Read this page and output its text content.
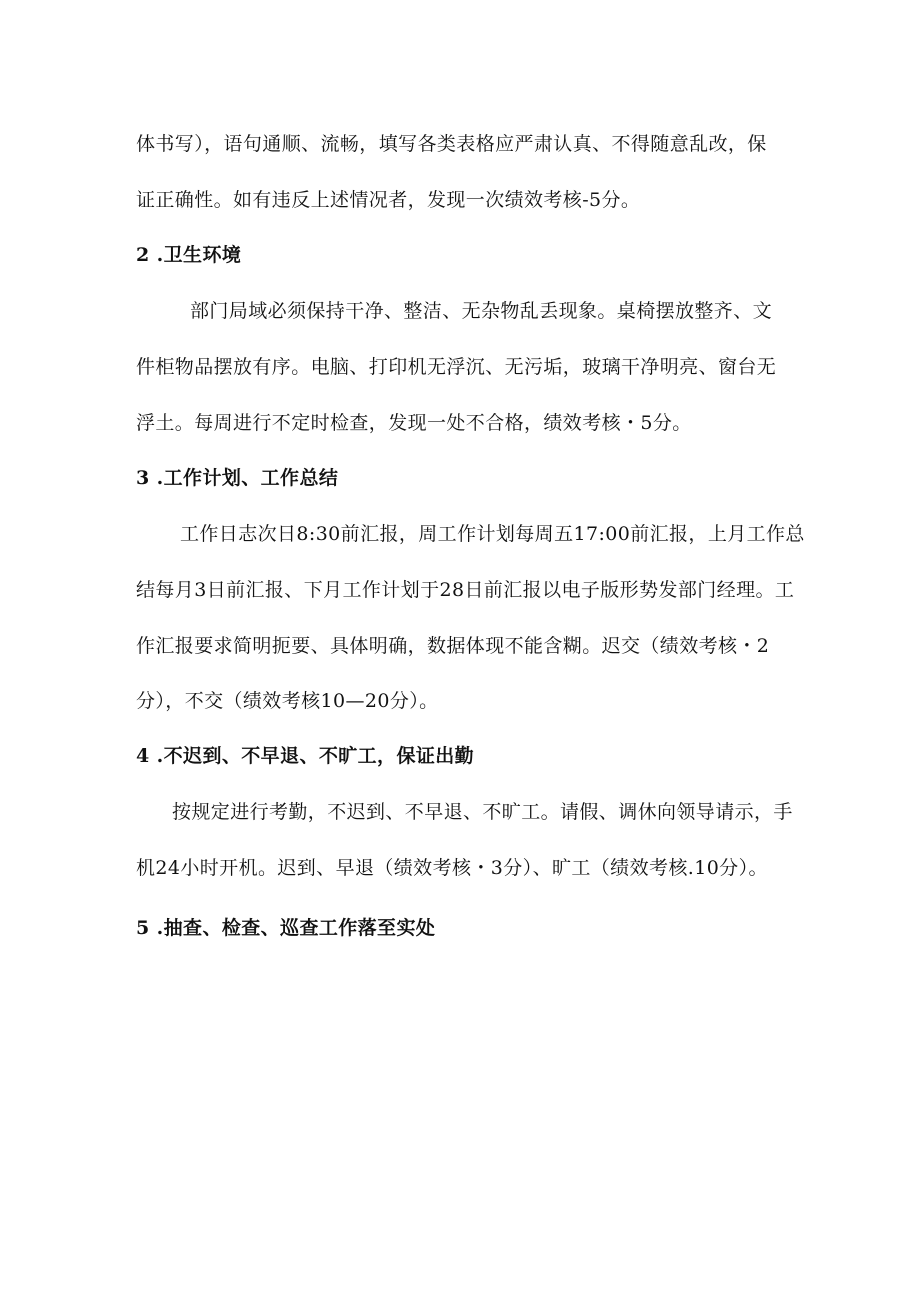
体书写），语句通顺、流畅，填写各类表格应严肃认真、不得随意乱改，保
证正确性。如有违反上述情况者，发现一次绩效考核-5分。
2 .卫生环境
部门局域必须保持干净、整洁、无杂物乱丢现象。桌椅摆放整齐、文
件柜物品摆放有序。电脑、打印机无浮沉、无污垢，玻璃干净明亮、窗台无
浮土。每周进行不定时检查，发现一处不合格，绩效考核・5分。
3 .工作计划、工作总结
工作日志次日8:30前汇报，周工作计划每周五17:00前汇报，上月工作总
结每月3日前汇报、下月工作计划于28日前汇报以电子版形势发部门经理。工
作汇报要求简明扼要、具体明确，数据体现不能含糊。迟交（绩效考核・2
分），不交（绩效考核10—20分）。
4 .不迟到、不早退、不旷工，保证出勤
按规定进行考勤，不迟到、不早退、不旷工。请假、调休向领导请示，手
机24小时开机。迟到、早退（绩效考核・3分）、旷工（绩效考核.10分）。
5 .抽查、检查、巡查工作落至实处
